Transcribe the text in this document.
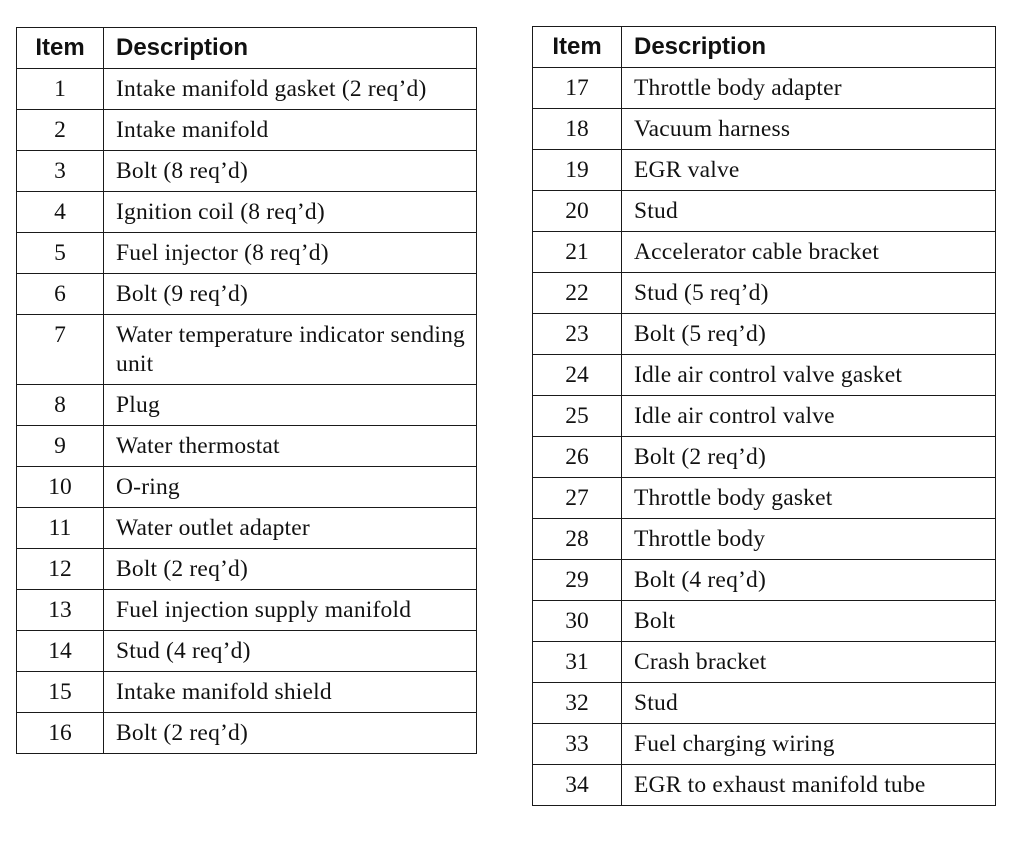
Item	Description
1	Intake manifold gasket (2 req’d)
2	Intake manifold
3	Bolt (8 req’d)
4	Ignition coil (8 req’d)
5	Fuel injector (8 req’d)
6	Bolt (9 req’d)
7	Water temperature indicator sending unit
8	Plug
9	Water thermostat
10	O-ring
11	Water outlet adapter
12	Bolt (2 req’d)
13	Fuel injection supply manifold
14	Stud (4 req’d)
15	Intake manifold shield
16	Bolt (2 req’d)
Item	Description
17	Throttle body adapter
18	Vacuum harness
19	EGR valve
20	Stud
21	Accelerator cable bracket
22	Stud (5 req’d)
23	Bolt (5 req’d)
24	Idle air control valve gasket
25	Idle air control valve
26	Bolt (2 req’d)
27	Throttle body gasket
28	Throttle body
29	Bolt (4 req’d)
30	Bolt
31	Crash bracket
32	Stud
33	Fuel charging wiring
34	EGR to exhaust manifold tube
